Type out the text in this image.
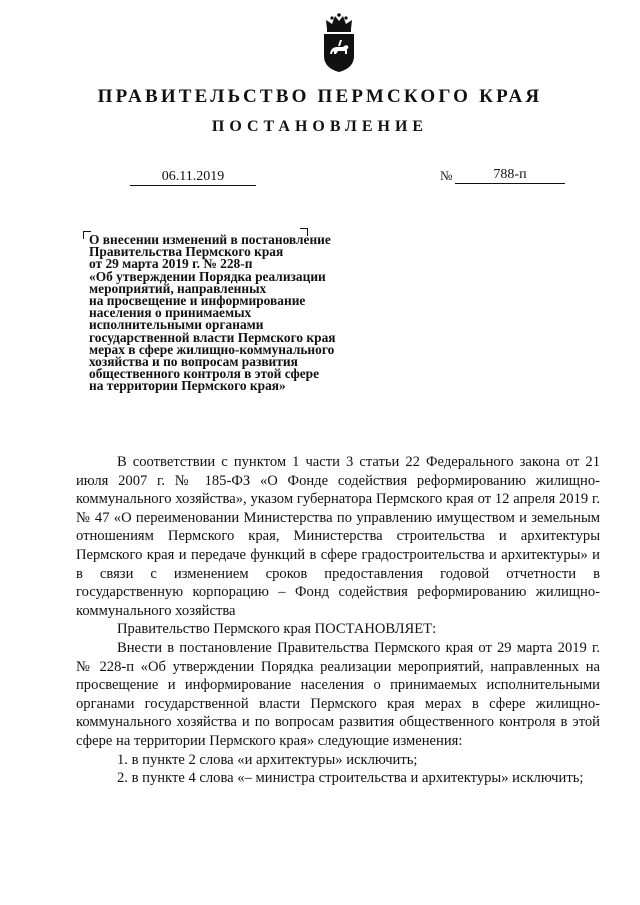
ПРАВИТЕЛЬСТВО ПЕРМСКОГО КРАЯ
ПОСТАНОВЛЕНИЕ
06.11.2019	№	788-п
О внесении изменений в постановление
Правительства Пермского края
от 29 марта 2019 г. № 228-п
«Об утверждении Порядка реализации
мероприятий, направленных
на просвещение и информирование
населения о принимаемых
исполнительными органами
государственной власти Пермского края
мерах в сфере жилищно-коммунального
хозяйства и по вопросам развития
общественного контроля в этой сфере
на территории Пермского края»

В соответствии с пунктом 1 части 3 статьи 22 Федерального закона от 21 июля 2007 г. № 185-ФЗ «О Фонде содействия реформированию жилищно-коммунального хозяйства», указом губернатора Пермского края от 12 апреля 2019 г. № 47 «О переименовании Министерства по управлению имуществом и земельным отношениям Пермского края, Министерства строительства и архитектуры Пермского края и передаче функций в сфере градостроительства и архитектуры» и в связи с изменением сроков предоставления годовой отчетности в государственную корпорацию – Фонд содействия реформированию жилищно-коммунального хозяйства

Правительство Пермского края ПОСТАНОВЛЯЕТ:

Внести в постановление Правительства Пермского края от 29 марта 2019 г. № 228-п «Об утверждении Порядка реализации мероприятий, направленных на просвещение и информирование населения о принимаемых исполнительными органами государственной власти Пермского края мерах в сфере жилищно-коммунального хозяйства и по вопросам развития общественного контроля в этой сфере на территории Пермского края» следующие изменения:

1. в пункте 2 слова «и архитектуры» исключить;

2. в пункте 4 слова «– министра строительства и архитектуры» исключить;
